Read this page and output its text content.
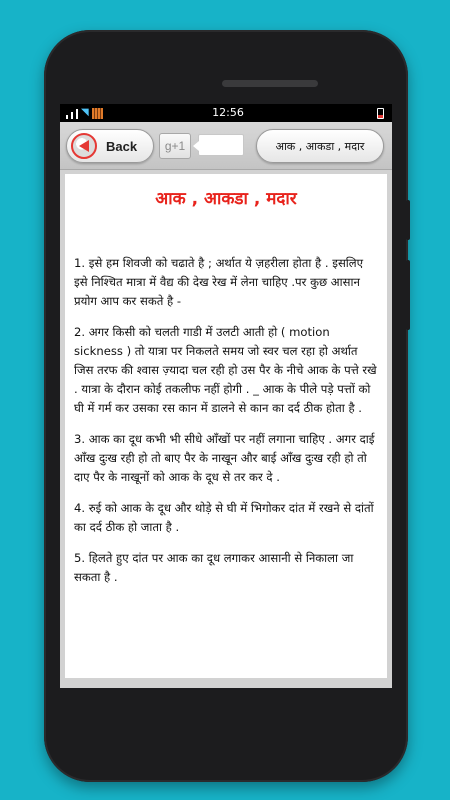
◥	12:56
Back	g+1	आक , आकडा , मदार
आक , आकडा , मदार

1. इसे हम शिवजी को चढाते है ; अर्थात ये ज़हरीला होता है . इसलिए इसे निश्चित मात्रा में वैद्य की देख रेख में लेना चाहिए .पर कुछ आसान प्रयोग आप कर सकते है -

2. अगर किसी को चलती गाडी में उलटी आती हो ( motion sickness ) तो यात्रा पर निकलते समय जो स्वर चल रहा हो अर्थात जिस तरफ की श्वास ज़्यादा चल रही हो उस पैर के नीचे आक के पत्ते रखे . यात्रा के दौरान कोई तकलीफ नहीं होगी . _ आक के पीले पड़े पत्तों को घी में गर्म कर उसका रस कान में डालने से कान का दर्द ठीक होता है .

3. आक का दूध कभी भी सीधे आँखों पर नहीं लगाना चाहिए . अगर दाई आँख दुःख रही हो तो बाए पैर के नाखून और बाई आँख दुःख रही हो तो दाए पैर के नाखूनों को आक के दूध से तर कर दे .

4. रुई को आक के दूध और थोड़े से घी में भिगोकर दांत में रखने से दांतों का दर्द ठीक हो जाता है .

5. हिलते हुए दांत पर आक का दूध लगाकर आसानी से निकाला जा सकता है .
